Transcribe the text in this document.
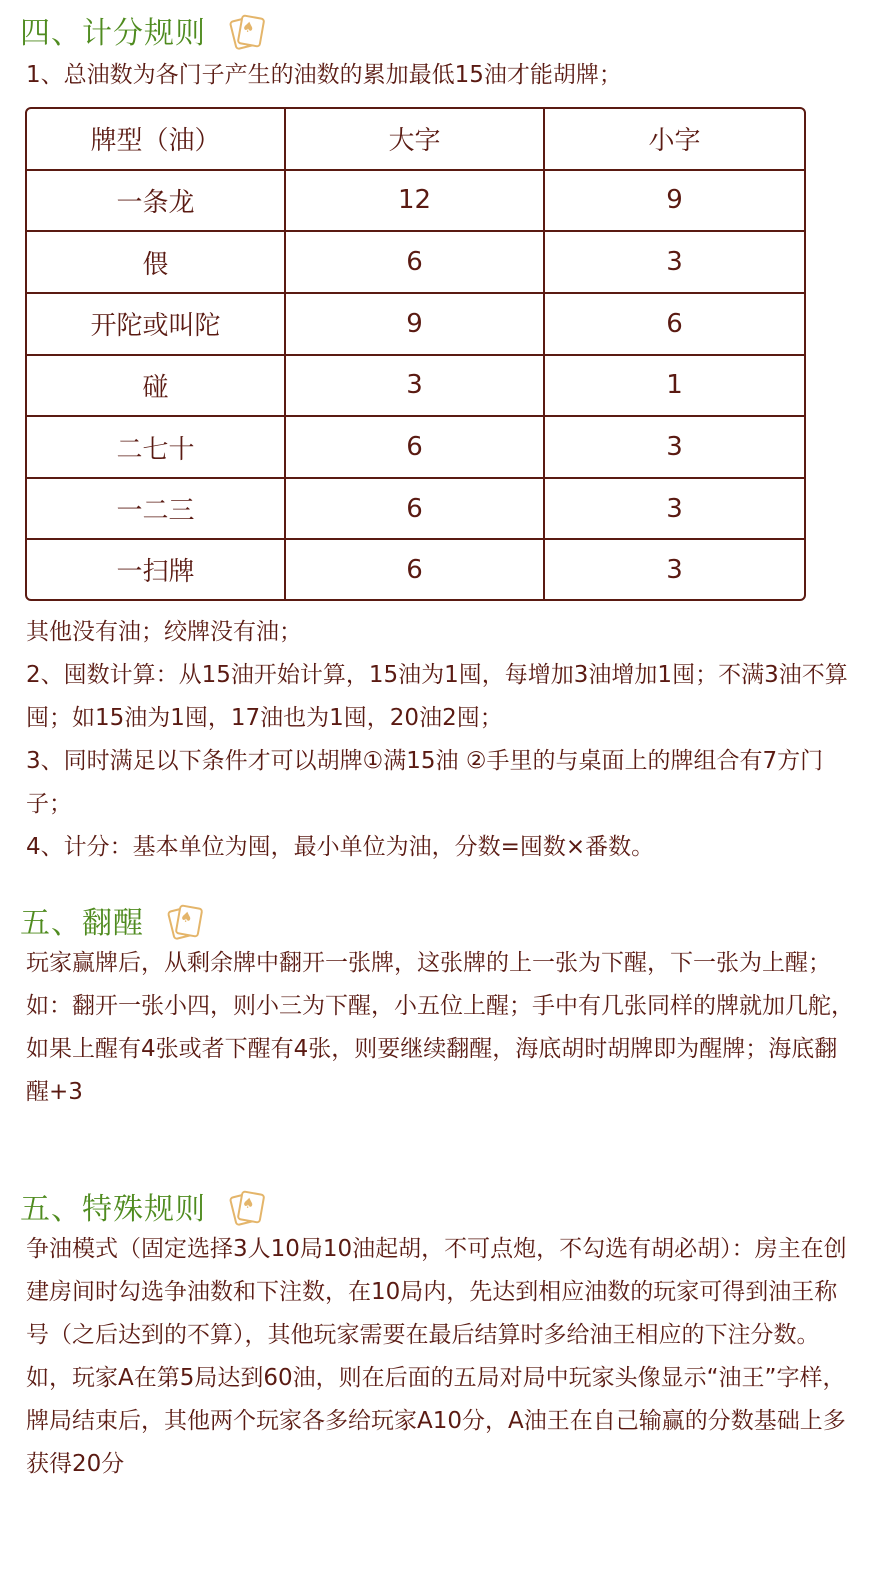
四、计分规则 ♠
1、总油数为各门子产生的油数的累加最低15油才能胡牌；
牌型（油）	大字	小字
一条龙	12	9
偎	6	3
开陀或叫陀	9	6
碰	3	1
二七十	6	3
一二三	6	3
一扫牌	6	3
其他没有油；绞牌没有油；
2、囤数计算：从15油开始计算，15油为1囤，每增加3油增加1囤；不满3油不算囤；如15油为1囤，17油也为1囤，20油2囤；
3、同时满足以下条件才可以胡牌①满15油 ②手里的与桌面上的牌组合有7方门子；
4、计分：基本单位为囤，最小单位为油，分数=囤数×番数。
五、翻醒 ♠
玩家赢牌后，从剩余牌中翻开一张牌，这张牌的上一张为下醒，下一张为上醒；
如：翻开一张小四，则小三为下醒，小五位上醒；手中有几张同样的牌就加几舵，如果上醒有4张或者下醒有4张，则要继续翻醒，海底胡时胡牌即为醒牌；海底翻醒+3
五、特殊规则 ♠
争油模式（固定选择3人10局10油起胡，不可点炮，不勾选有胡必胡）：房主在创建房间时勾选争油数和下注数，在10局内，先达到相应油数的玩家可得到油王称号（之后达到的不算），其他玩家需要在最后结算时多给油王相应的下注分数。
如，玩家A在第5局达到60油，则在后面的五局对局中玩家头像显示“油王”字样，牌局结束后，其他两个玩家各多给玩家A10分，A油王在自己输赢的分数基础上多获得20分
